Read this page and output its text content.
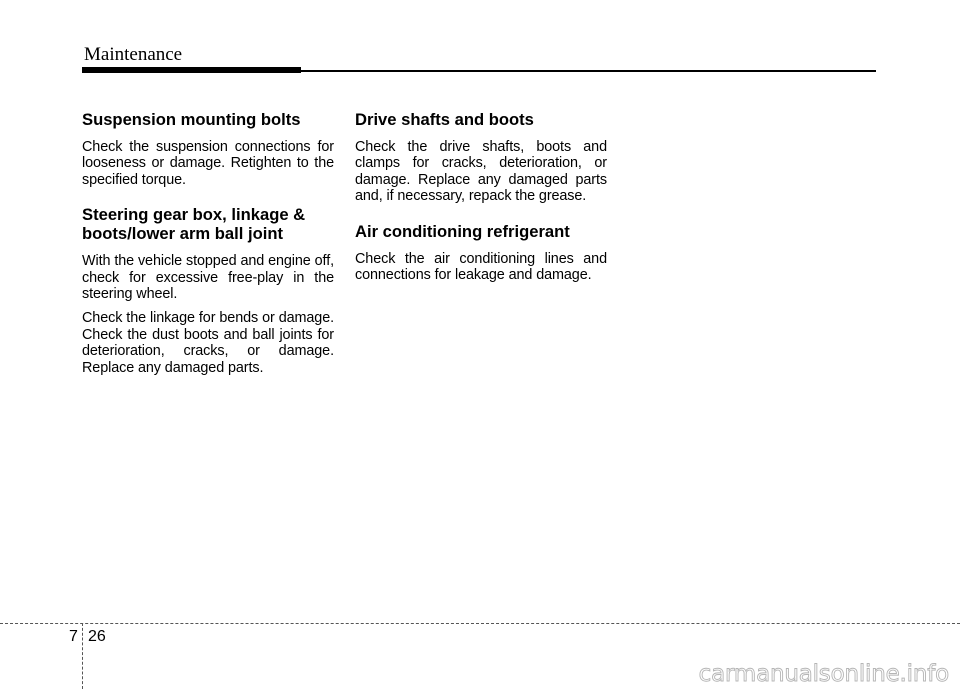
Maintenance
Suspension mounting bolts

Check the suspension connections for looseness or damage. Retighten to the specified torque.

Steering gear box, linkage &
boots/lower arm ball joint

With the vehicle stopped and engine off, check for excessive free-play in the steering wheel.

Check the linkage for bends or damage. Check the dust boots and ball joints for deterioration, cracks, or damage. Replace any damaged parts.

Drive shafts and boots

Check the drive shafts, boots and clamps for cracks, deterioration, or damage. Replace any damaged parts and, if necessary, repack the grease.

Air conditioning refrigerant

Check the air conditioning lines and connections for leakage and damage.

7 26
carmanualsonline.info
